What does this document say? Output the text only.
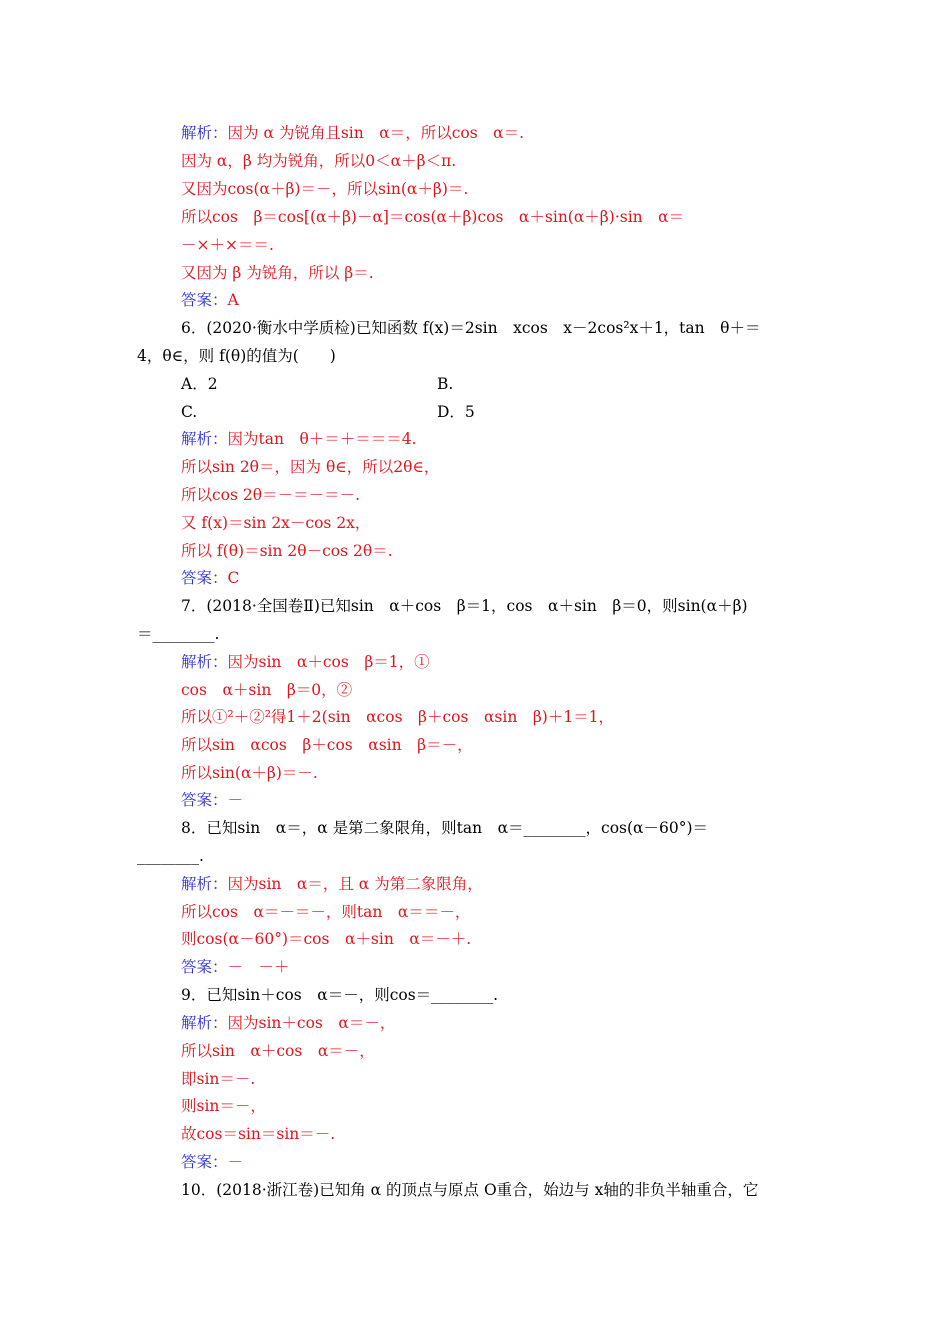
解析：因为 α 为锐角且sin　α＝，所以cos　α＝.
因为 α，β 均为锐角，所以0＜α＋β＜π.
又因为cos(α＋β)＝－，所以sin(α＋β)＝.
所以cos　β＝cos[(α＋β)－α]＝cos(α＋β)cos　α＋sin(α＋β)·sin　α＝
－×＋×＝＝.
又因为 β 为锐角，所以 β＝.
答案：A
6．(2020·衡水中学质检)已知函数 f(x)＝2sin　xcos　x－2cos²x＋1，tan　θ＋＝
4，θ∈，则 f(θ)的值为(　　)
A．2	B.
C.	D．5
解析：因为tan　θ＋＝＋＝＝＝4.
所以sin 2θ＝，因为 θ∈，所以2θ∈，
所以cos 2θ＝－＝－＝－.
又 f(x)＝sin 2x－cos 2x，
所以 f(θ)＝sin 2θ－cos 2θ＝.
答案：C
7．(2018·全国卷Ⅱ)已知sin　α＋cos　β＝1，cos　α＋sin　β＝0，则sin(α＋β)
＝________.
解析：因为sin　α＋cos　β＝1，①
cos　α＋sin　β＝0，②
所以①²＋②²得1＋2(sin　αcos　β＋cos　αsin　β)＋1＝1，
所以sin　αcos　β＋cos　αsin　β＝－，
所以sin(α＋β)＝－.
答案：－
8．已知sin　α＝，α 是第二象限角，则tan　α＝________，cos(α－60°)＝
________.
解析：因为sin　α＝，且 α 为第二象限角，
所以cos　α＝－＝－，则tan　α＝＝－，
则cos(α－60°)＝cos　α＋sin　α＝－＋.
答案：－　－＋
9．已知sin＋cos　α＝－，则cos＝________.
解析：因为sin＋cos　α＝－，
所以sin　α＋cos　α＝－，
即sin＝－.
则sin＝－，
故cos＝sin＝sin＝－.
答案：－
10．(2018·浙江卷)已知角 α 的顶点与原点 O重合，始边与 x轴的非负半轴重合，它
